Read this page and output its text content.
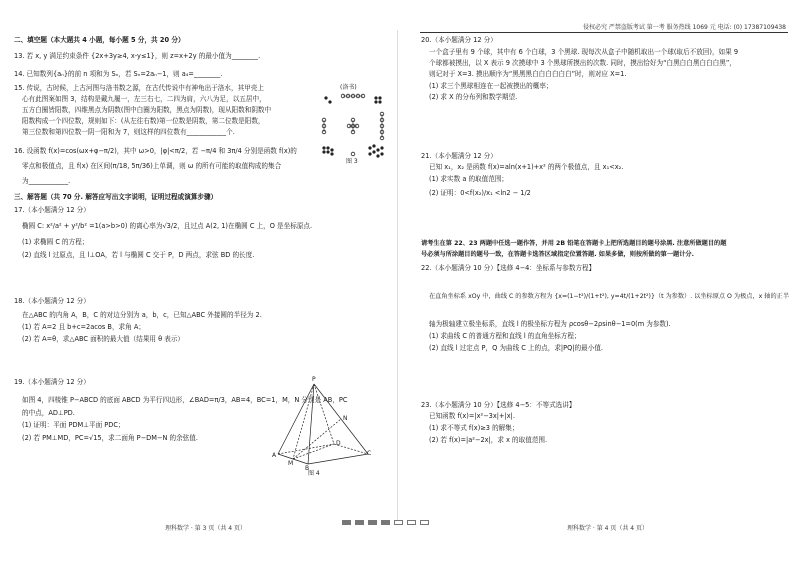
侵权必究 严禁盗版考试 第一考 服务热线 1069 元 电话: (0) 17387109438
二、填空题（本大题共 4 小题，每小题 5 分，共 20 分）
13. 若 x, y 满足约束条件 {2x+3y≥4, x-y≤1}，则 z=x+2y 的最小值为________.
14. 已知数列{aₙ}的前 n 项和为 Sₙ，若 Sₙ=2aₙ−1，则 a₄=________.
15. 传说，古时候，上古河图与洛书数之源，在古代传说中有神龟出于洛水，其甲壳上
心有此图案如图 3，结构是戴九履一，左三右七，二四为肩，六八为足，以五居中，
五方白圈皆阳数，四维黑点为阴数(图中白圈为阳数，黑点为阴数)，现从阳数和阴数中
阳数构成一个四位数，规则如下：(从左往右数)第一位数是阴数，第二位数是阳数，
第三位数和第四位数一阴一阳和为 7，则这样的四位数有____________个.
(洛书)
图 3
16. 设函数 f(x)=cos(ωx+φ−π/2)，其中 ω>0，|φ|<π/2，若 −π/4 和 3π/4 分别是函数 f(x)的
零点和极值点，且 f(x) 在区间(π/18, 5π/36)上单调，则 ω 的所有可能的取值构成的集合
为____________.
三、解答题（共 70 分. 解答应写出文字说明，证明过程或演算步骤）
17.（本小题满分 12 分）
椭圆 C: x²/a² + y²/b² =1(a>b>0) 的离心率为√3/2，且过点 A(2, 1)在椭圆 C 上，O 是坐标原点.
(1) 求椭圆 C 的方程；
(2) 直线 l 过原点，且 l⊥OA，若 l 与椭圆 C 交于 P，D 两点，求弦 BD 的长度.
18.（本小题满分 12 分）
在△ABC 的内角 A，B，C 的对边分别为 a，b，c，已知△ABC 外接圆的半径为 2.
(1) 若 A=2 且 b+c=2acos B，求角 A；
(2) 若 A=θ，求△ABC 面积的最大值（结果用 θ 表示）
19.（本小题满分 12 分）
如图 4，四棱锥 P−ABCD 的底面 ABCD 为平行四边形，∠BAD=π/3，AB=4，BC=1，M，N 分别是 AB，PC
的中点，AD⊥PD.
(1) 证明：平面 PDM⊥平面 PDC；
(2) 若 PM⊥MD，PC=√15，求二面角 P−DM−N 的余弦值.
P
A
B
C
D
M
N
图 4
理科数学 · 第 3 页（共 4 页）
20.（本小题满分 12 分）
一个盒子里有 9 个球，其中有 6 个白球，3 个黑球. 现每次从盒子中随机取出一个球(取后不放回)，如果 9
个球都被摸出，以 X 表示 9 次摸球中 3 个黑球所摸出的次数. 同时，摸出恰好为“白黑白白黑白白白黑”，
则记对于 X=3. 摸出顺序为“黑黑黑白白白白白白”时，则对应 X=1.
(1) 求三个黑球相连在一起被摸出的概率；
(2) 求 X 的分布列和数学期望.
21.（本小题满分 12 分）
已知 x₁，x₂ 是函数 f(x)=aln(x+1)+x² 的两个极值点，且 x₁<x₂.
(1) 求实数 a 的取值范围；
(2) 证明：0<f(x₂)/x₁ <ln2 − 1/2
请考生在第 22、23 两题中任选一题作答，并用 2B 铅笔在答题卡上把所选题目的题号涂黑. 注意所做题目的题
号必须与所涂题目的题号一致，在答题卡选答区域指定位置答题. 如果多做，则按所做的第一题计分.
22.（本小题满分 10 分）【选修 4−4：坐标系与参数方程】
在直角坐标系 xOy 中，曲线 C 的参数方程为 {x=(1−t²)/(1+t²), y=4t/(1+2t²)}（t 为参数）. 以坐标原点 O 为极点，x 轴的正半
轴为极轴建立极坐标系，直线 l 的极坐标方程为 ρcosθ−2ρsinθ−1=0(m 为参数).
(1) 求曲线 C 的普通方程和直线 l 的直角坐标方程；
(2) 直线 l 过定点 P，Q 为曲线 C 上的点，求|PQ|的最小值.
23.（本小题满分 10 分）【选修 4−5：不等式选讲】
已知函数 f(x)=|x²−3x|+|x|.
(1) 求不等式 f(x)≥3 的解集；
(2) 若 f(x)=|a²−2x|，求 x 的取值范围.
理科数学 · 第 4 页（共 4 页）
